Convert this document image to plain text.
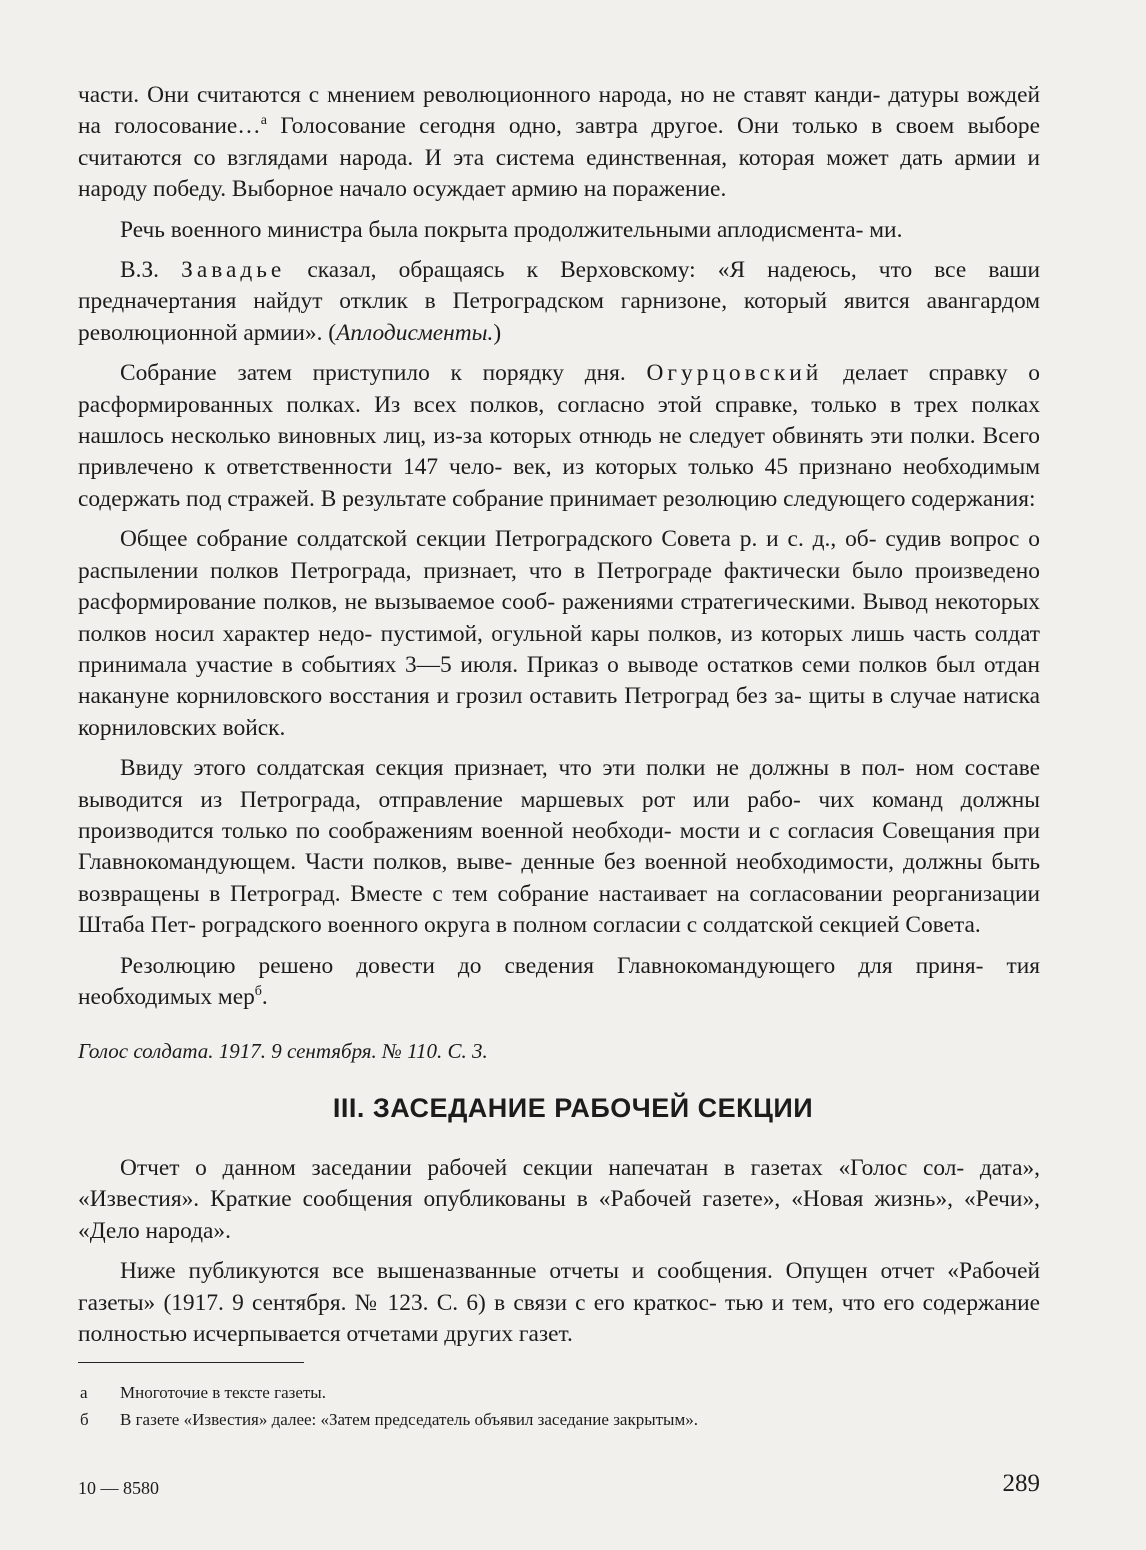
части. Они считаются с мнением революционного народа, но не ставят канди- датуры вождей на голосование…$^а$ Голосование сегодня одно, завтра другое. Они только в своем выборе считаются со взглядами народа. И эта система единственная, которая может дать армии и народу победу. Выборное начало осуждает армию на поражение.

Речь военного министра была покрыта продолжительными аплодисмента- ми.

В.З. Завадье сказал, обращаясь к Верховскому: «Я надеюсь, что все ваши предначертания найдут отклик в Петроградском гарнизоне, который явится авангардом революционной армии». (Аплодисменты.)

Собрание затем приступило к порядку дня. Огурцовский делает справку о расформированных полках. Из всех полков, согласно этой справке, только в трех полках нашлось несколько виновных лиц, из-за которых отнюдь не следует обвинять эти полки. Всего привлечено к ответственности 147 чело- век, из которых только 45 признано необходимым содержать под стражей. В результате собрание принимает резолюцию следующего содержания:

Общее собрание солдатской секции Петроградского Совета р. и с. д., об- судив вопрос о распылении полков Петрограда, признает, что в Петрограде фактически было произведено расформирование полков, не вызываемое сооб- ражениями стратегическими. Вывод некоторых полков носил характер недо- пустимой, огульной кары полков, из которых лишь часть солдат принимала участие в событиях 3—5 июля. Приказ о выводе остатков семи полков был отдан накануне корниловского восстания и грозил оставить Петроград без за- щиты в случае натиска корниловских войск.

Ввиду этого солдатская секция признает, что эти полки не должны в пол- ном составе выводится из Петрограда, отправление маршевых рот или рабо- чих команд должны производится только по соображениям военной необходи- мости и с согласия Совещания при Главнокомандующем. Части полков, выве- денные без военной необходимости, должны быть возвращены в Петроград. Вместе с тем собрание настаивает на согласовании реорганизации Штаба Пет- роградского военного округа в полном согласии с солдатской секцией Совета.

Резолюцию решено довести до сведения Главнокомандующего для приня- тия необходимых мер$^б$.

Голос солдата. 1917. 9 сентября. № 110. С. 3.

III. ЗАСЕДАНИЕ РАБОЧЕЙ СЕКЦИИ

Отчет о данном заседании рабочей секции напечатан в газетах «Голос сол- дата», «Известия». Краткие сообщения опубликованы в «Рабочей газете», «Новая жизнь», «Речи», «Дело народа».

Ниже публикуются все вышеназванные отчеты и сообщения. Опущен отчет «Рабочей газеты» (1917. 9 сентября. № 123. С. 6) в связи с его краткос- тью и тем, что его содержание полностью исчерпывается отчетами других газет.

а Многоточие в тексте газеты.

б В газете «Известия» далее: «Затем председатель объявил заседание закрытым».

10 — 8580	289
